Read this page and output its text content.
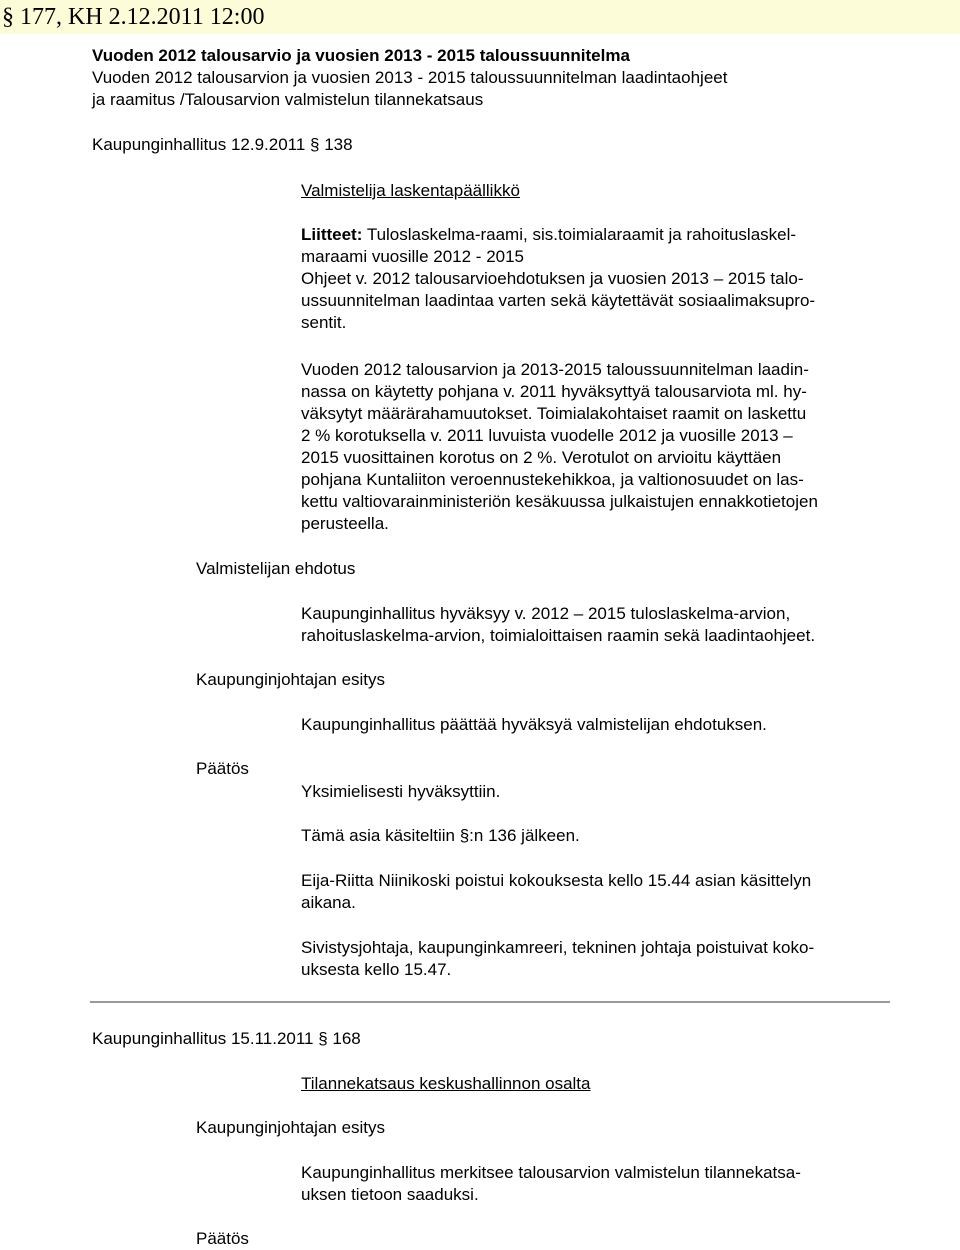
§ 177, KH 2.12.2011 12:00
Vuoden 2012 talousarvio ja vuosien 2013 - 2015 taloussuunnitelma
Vuoden 2012 talousarvion ja vuosien 2013 - 2015 taloussuunnitelman laadintaohjeet
ja raamitus /Talousarvion valmistelun tilannekatsaus
Kaupunginhallitus 12.9.2011 § 138
Valmistelija laskentapäällikkö
Liitteet: Tuloslaskelma-raami, sis.toimialaraamit ja rahoituslaskel-
maraami vuosille 2012 - 2015
Ohjeet v. 2012 talousarvioehdotuksen ja vuosien 2013 – 2015 talo-
ussuunnitelman laadintaa varten sekä käytettävät sosiaalimaksupro-
sentit.
Vuoden 2012 talousarvion ja 2013-2015 taloussuunnitelman laadin-
nassa on käytetty pohjana v. 2011 hyväksyttyä talousarviota ml. hy-
väksytyt määrärahamuutokset. Toimialakohtaiset raamit on laskettu
2 % korotuksella v. 2011 luvuista vuodelle 2012 ja vuosille 2013 –
2015 vuosittainen korotus on 2 %. Verotulot on arvioitu käyttäen
pohjana Kuntaliiton veroennustekehikkoa, ja valtionosuudet on las-
kettu valtiovarainministeriön kesäkuussa julkaistujen ennakkotietojen
perusteella.
Valmistelijan ehdotus
Kaupunginhallitus hyväksyy v. 2012 – 2015 tuloslaskelma-arvion,
rahoituslaskelma-arvion, toimialoittaisen raamin sekä laadintaohjeet.
Kaupunginjohtajan esitys
Kaupunginhallitus päättää hyväksyä valmistelijan ehdotuksen.
Päätös
Yksimielisesti hyväksyttiin.
Tämä asia käsiteltiin §:n 136 jälkeen.
Eija-Riitta Niinikoski poistui kokouksesta kello 15.44 asian käsittelyn
aikana.
Sivistysjohtaja, kaupunginkamreeri, tekninen johtaja poistuivat koko-
uksesta kello 15.47.
Kaupunginhallitus 15.11.2011 § 168
Tilannekatsaus keskushallinnon osalta
Kaupunginjohtajan esitys
Kaupunginhallitus merkitsee talousarvion valmistelun tilannekatsa-
uksen tietoon saaduksi.
Päätös
